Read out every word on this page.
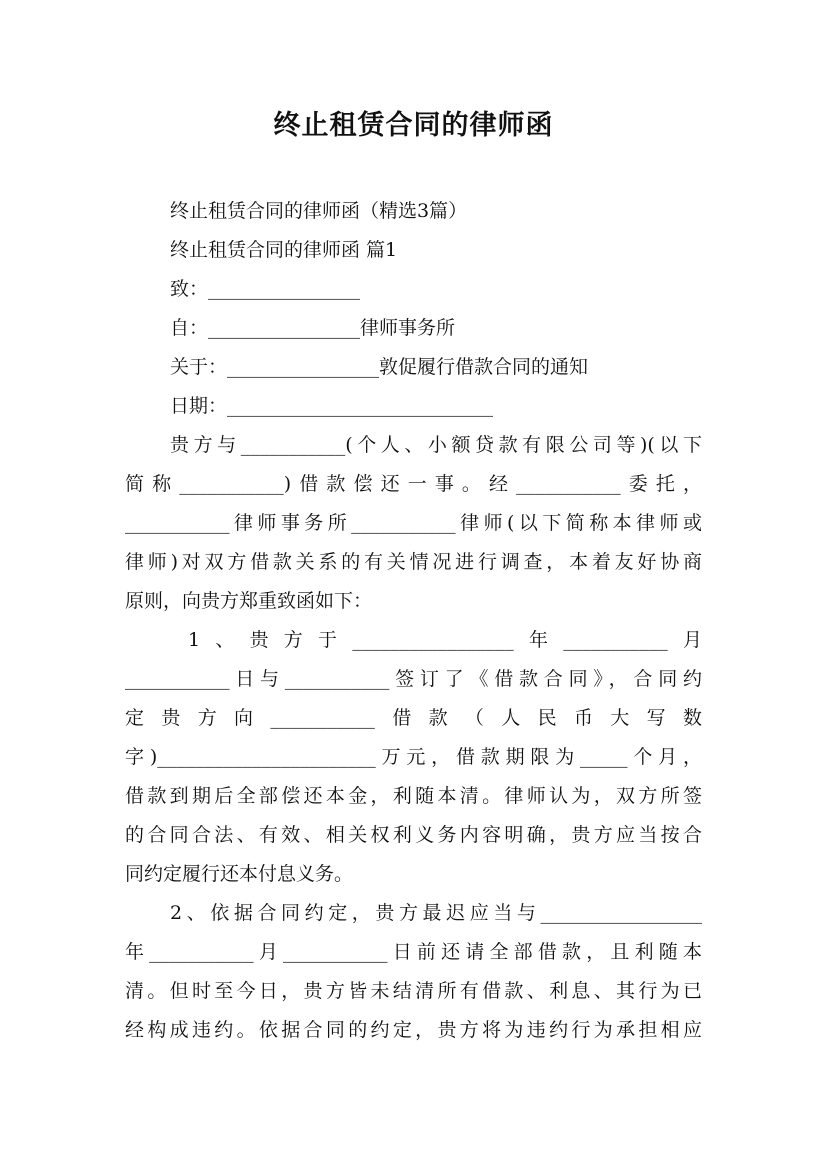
终止租赁合同的律师函

终止租赁合同的律师函（精选3篇）

终止租赁合同的律师函 篇1

致：________________

自：________________律师事务所

关于：________________敦促履行借款合同的通知

日期：____________________________

贵方与___________(个人、小额贷款有限公司等)(以下

简称___________)借款偿还一事。经___________委托，

___________律师事务所___________律师(以下简称本律师或

律师)对双方借款关系的有关情况进行调查，本着友好协商

原则，向贵方郑重致函如下：

1、贵方于_________________年___________月

___________日与___________签订了《借款合同》，合同约

定贵方向___________借款（人民币大写数

字)_______________________万元，借款期限为_____个月，

借款到期后全部偿还本金，利随本清。律师认为，双方所签

的合同合法、有效、相关权利义务内容明确，贵方应当按合

同约定履行还本付息义务。

2、依据合同约定，贵方最迟应当与_________________

年___________月___________日前还请全部借款，且利随本

清。但时至今日，贵方皆未结清所有借款、利息、其行为已

经构成违约。依据合同的约定，贵方将为违约行为承担相应
